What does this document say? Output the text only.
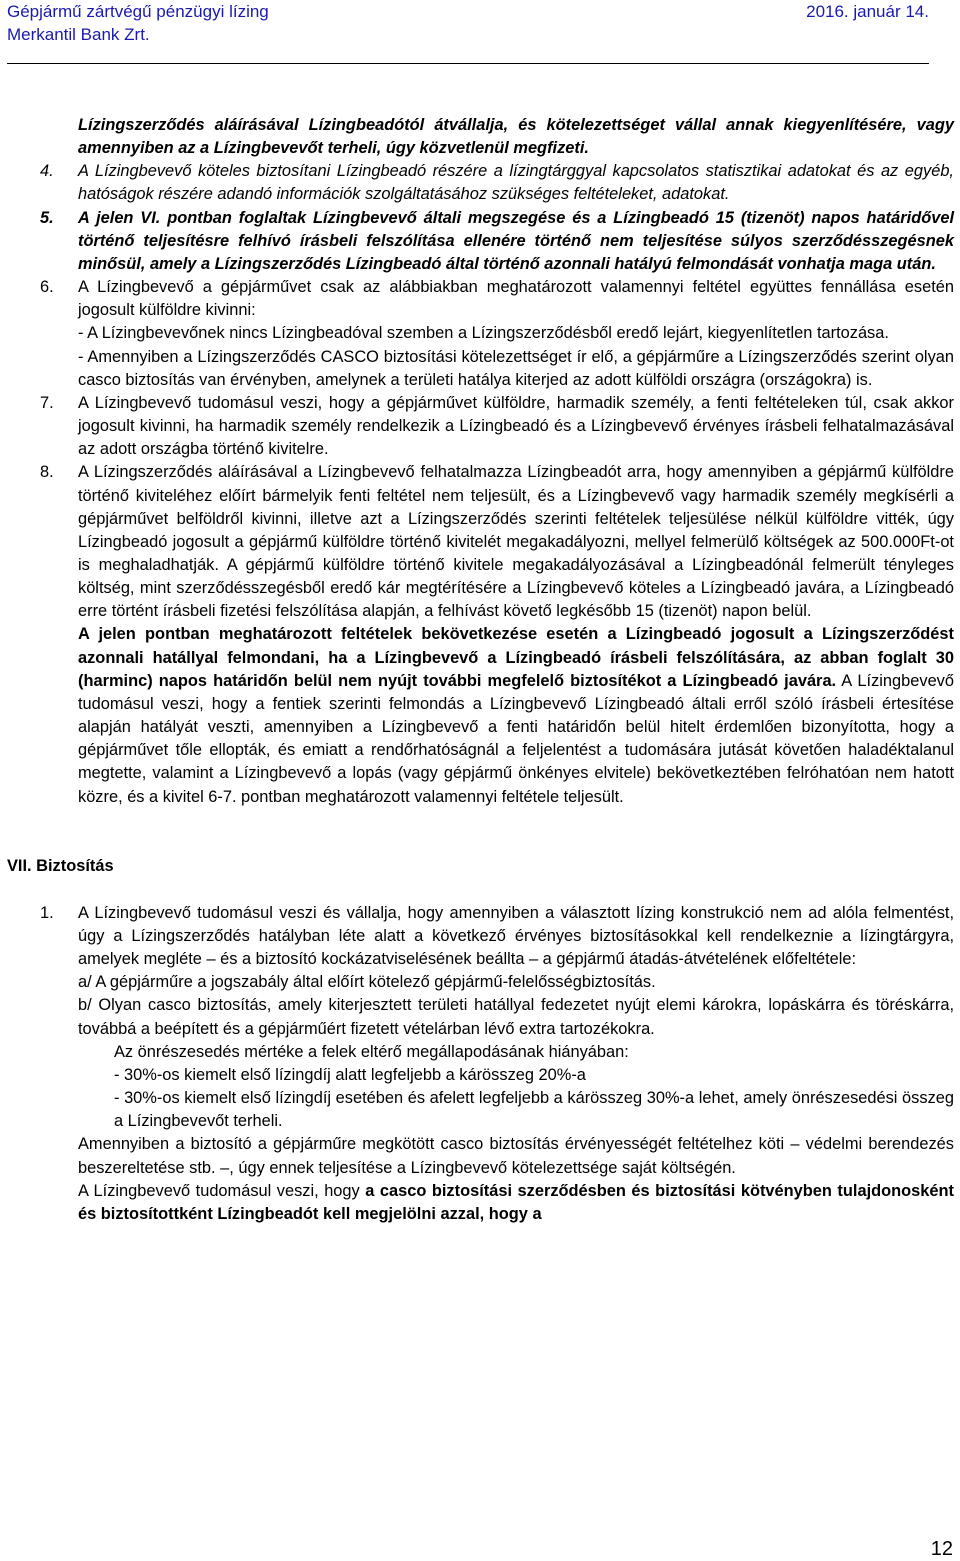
Gépjármű zártvégű pénzügyi lízing	2016. január 14.
Merkantil Bank Zrt.
Lízingszerződés aláírásával Lízingbeadótól átvállalja, és kötelezettséget vállal annak kiegyenlítésére, vagy amennyiben az a Lízingbevevőt terheli, úgy közvetlenül megfizeti.
4. A Lízingbevevő köteles biztosítani Lízingbeadó részére a lízingtárggyal kapcsolatos statisztikai adatokat és az egyéb, hatóságok részére adandó információk szolgáltatásához szükséges feltételeket, adatokat.
5. A jelen VI. pontban foglaltak Lízingbevevő általi megszegése és a Lízingbeadó 15 (tizenöt) napos határidővel történő teljesítésre felhívó írásbeli felszólítása ellenére történő nem teljesítése súlyos szerződésszegésnek minősül, amely a Lízingszerződés Lízingbeadó által történő azonnali hatályú felmondását vonhatja maga után.
6. A Lízingbevevő a gépjárművet csak az alábbiakban meghatározott valamennyi feltétel együttes fennállása esetén jogosult külföldre kivinni:
- A Lízingbevevőnek nincs Lízingbeadóval szemben a Lízingszerződésből eredő lejárt, kiegyenlítetlen tartozása.
- Amennyiben a Lízingszerződés CASCO biztosítási kötelezettséget ír elő, a gépjárműre a Lízingszerződés szerint olyan casco biztosítás van érvényben, amelynek a területi hatálya kiterjed az adott külföldi országra (országokra) is.
7. A Lízingbevevő tudomásul veszi, hogy a gépjárművet külföldre, harmadik személy, a fenti feltételeken túl, csak akkor jogosult kivinni, ha harmadik személy rendelkezik a Lízingbeadó és a Lízingbevevő érvényes írásbeli felhatalmazásával az adott országba történő kivitelre.
8. A Lízingszerződés aláírásával a Lízingbevevő felhatalmazza Lízingbeadót arra, hogy amennyiben a gépjármű külföldre történő kiviteléhez előírt bármelyik fenti feltétel nem teljesült, és a Lízingbevevő vagy harmadik személy megkísérli a gépjárművet belföldről kivinni, illetve azt a Lízingszerződés szerinti feltételek teljesülése nélkül külföldre vitték, úgy Lízingbeadó jogosult a gépjármű külföldre történő kivitelét megakadályozni, mellyel felmerülő költségek az 500.000Ft-ot is meghaladhatják. A gépjármű külföldre történő kivitele megakadályozásával a Lízingbeadónál felmerült tényleges költség, mint szerződésszegésből eredő kár megtérítésére a Lízingbevevő köteles a Lízingbeadó javára, a Lízingbeadó erre történt írásbeli fizetési felszólítása alapján, a felhívást követő legkésőbb 15 (tizenöt) napon belül.
A jelen pontban meghatározott feltételek bekövetkezése esetén a Lízingbeadó jogosult a Lízingszerződést azonnali hatállyal felmondani, ha a Lízingbevevő a Lízingbeadó írásbeli felszólítására, az abban foglalt 30 (harminc) napos határidőn belül nem nyújt további megfelelő biztosítékot a Lízingbeadó javára. A Lízingbevevő tudomásul veszi, hogy a fentiek szerinti felmondás a Lízingbevevő Lízingbeadó általi erről szóló írásbeli értesítése alapján hatályát veszti, amennyiben a Lízingbevevő a fenti határidőn belül hitelt érdemlően bizonyította, hogy a gépjárművet tőle ellopták, és emiatt a rendőrhatóságnál a feljelentést a tudomására jutását követően haladéktalanul megtette, valamint a Lízingbevevő a lopás (vagy gépjármű önkényes elvitele) bekövetkeztében felróhatóan nem hatott közre, és a kivitel 6-7. pontban meghatározott valamennyi feltétele teljesült.
VII. Biztosítás
1. A Lízingbevevő tudomásul veszi és vállalja, hogy amennyiben a választott lízing konstrukció nem ad alóla felmentést, úgy a Lízingszerződés hatályban léte alatt a következő érvényes biztosításokkal kell rendelkeznie a lízingtárgyra, amelyek megléte – és a biztosító kockázatviselésének beállta – a gépjármű átadás-átvételének előfeltétele:
a/ A gépjárműre a jogszabály által előírt kötelező gépjármű-felelősségbiztosítás.
b/ Olyan casco biztosítás, amely kiterjesztett területi hatállyal fedezetet nyújt elemi károkra, lopáskárra és töréskárra, továbbá a beépített és a gépjárműért fizetett vételárban lévő extra tartozékokra.
Az önrészesedés mértéke a felek eltérő megállapodásának hiányában:
- 30%-os kiemelt első lízingdíj alatt legfeljebb a kárösszeg 20%-a
- 30%-os kiemelt első lízingdíj esetében és afelett legfeljebb a kárösszeg 30%-a lehet, amely önrészesedési összeg a Lízingbevevőt terheli.
Amennyiben a biztosító a gépjárműre megkötött casco biztosítás érvényességét feltételhez köti – védelmi berendezés beszereltetése stb. –, úgy ennek teljesítése a Lízingbevevő kötelezettsége saját költségén.
A Lízingbevevő tudomásul veszi, hogy a casco biztosítási szerződésben és biztosítási kötvényben tulajdonosként és biztosítottként Lízingbeadót kell megjelölni azzal, hogy a
12
